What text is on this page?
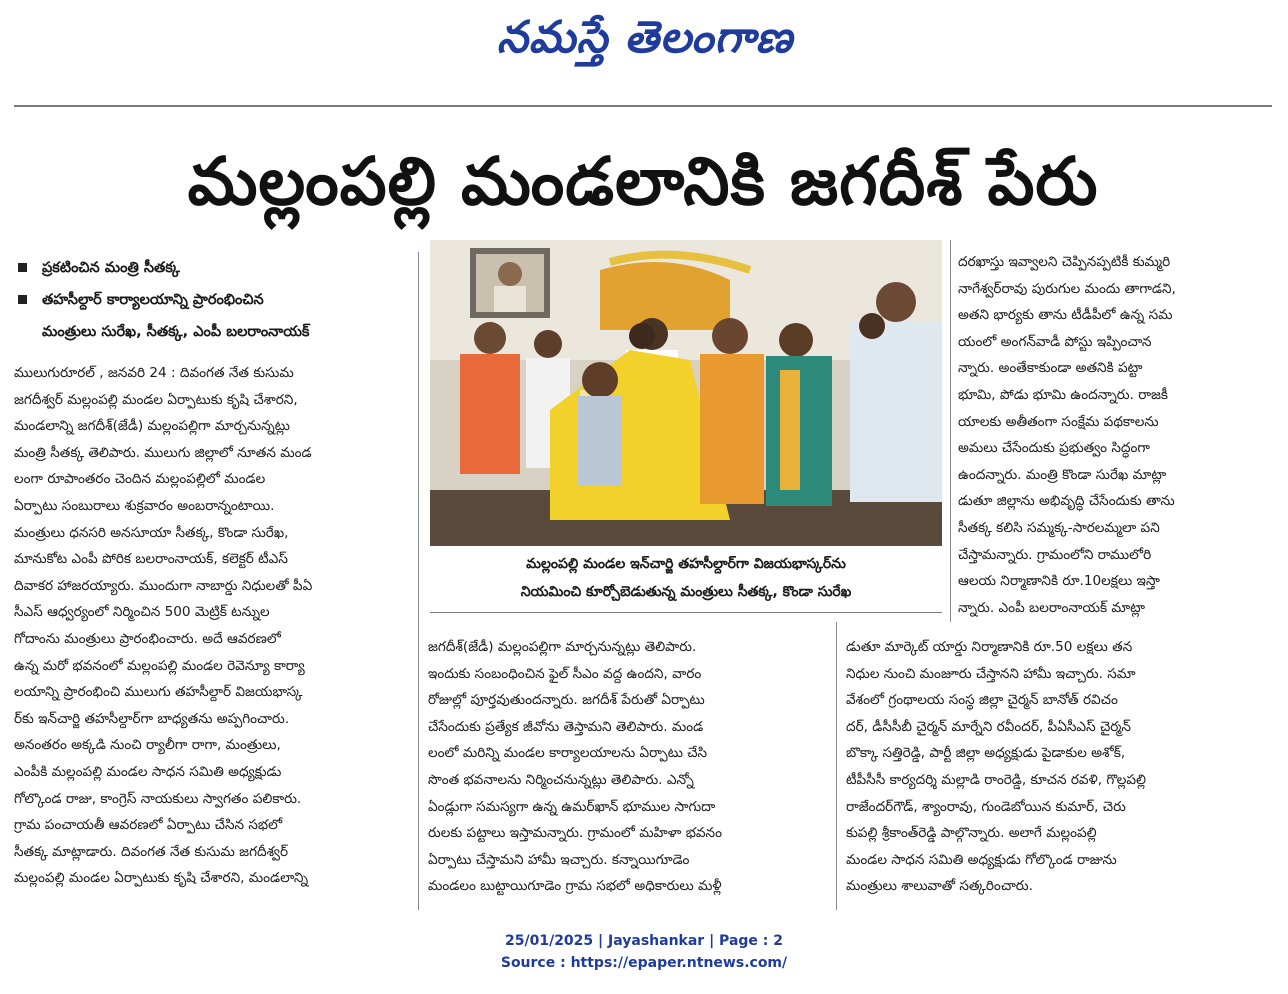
నమస్తే తెలంగాణ
మల్లంపల్లి మండలానికి జగదీశ్ పేరు
ప్రకటించిన మంత్రి సీతక్క
తహసీల్దార్ కార్యాలయాన్ని ప్రారంభించిన
మంత్రులు సురేఖ, సీతక్క, ఎంపీ బలరాంనాయక్

ములుగురూరల్ , జనవరి 24 : దివంగత నేత కుసుమ

జగదీశ్వర్ మల్లంపల్లి మండల ఏర్పాటుకు కృషి చేశారని,

మండలాన్ని జగదీశ్(జేడీ) మల్లంపల్లిగా మార్చనున్నట్లు

మంత్రి సీతక్క తెలిపారు. ములుగు జిల్లాలో నూతన మండ

లంగా రూపాంతరం చెందిన మల్లంపల్లిలో మండల

ఏర్పాటు సంబురాలు శుక్రవారం అంబరాన్నంటాయి.

మంత్రులు ధనసరి అనసూయా సీతక్క, కొండా సురేఖ,

మానుకోట ఎంపీ పోరిక బలరాంనాయక్, కలెక్టర్ టీఎస్

దివాకర హాజరయ్యారు. ముందుగా నాబార్డు నిధులతో పీఏ

సీఎస్ ఆధ్వర్యంలో నిర్మించిన 500 మెట్రిక్ టన్నుల

గోదాంను మంత్రులు ప్రారంభించారు. అదే ఆవరణలో

ఉన్న మరో భవనంలో మల్లంపల్లి మండల రెవెన్యూ కార్యా

లయాన్ని ప్రారంభించి ములుగు తహసీల్దార్ విజయభాస్క

ర్‌కు ఇన్‌చార్జి తహసీల్దార్‌గా బాధ్యతను అప్పగించారు.

అనంతరం అక్కడి నుంచి ర్యాలీగా రాగా, మంత్రులు,

ఎంపీకి మల్లంపల్లి మండల సాధన సమితి అధ్యక్షుడు

గోల్కొండ రాజు, కాంగ్రెస్ నాయకులు స్వాగతం పలికారు.

గ్రామ పంచాయతీ ఆవరణలో ఏర్పాటు చేసిన సభలో

సీతక్క మాట్లాడారు. దివంగత నేత కుసుమ జగదీశ్వర్

మల్లంపల్లి మండల ఏర్పాటుకు కృషి చేశారని, మండలాన్ని

మల్లంపల్లి మండల ఇన్‌చార్జి తహసీల్దార్‌గా విజయభాస్కర్‌ను

నియమించి కూర్చోబెడుతున్న మంత్రులు సీతక్క, కొండా సురేఖ

జగదీశ్(జేడీ) మల్లంపల్లిగా మార్చనున్నట్లు తెలిపారు.

ఇందుకు సంబంధించిన ఫైల్ సీఎం వద్ద ఉందని, వారం

రోజుల్లో పూర్తవుతుందన్నారు. జగదీశ్ పేరుతో ఏర్పాటు

చేసేందుకు ప్రత్యేక జీవోను తెస్తామని తెలిపారు. మండ

లంలో మరిన్ని మండల కార్యాలయాలను ఏర్పాటు చేసి

సొంత భవనాలను నిర్మించనున్నట్లు తెలిపారు. ఎన్నో

ఏండ్లుగా సమస్యగా ఉన్న ఉమర్‌ఖాన్ భూముల సాగుదా

రులకు పట్టాలు ఇస్తామన్నారు. గ్రామంలో మహిళా భవనం

ఏర్పాటు చేస్తామని హామీ ఇచ్చారు. కన్నాయిగూడెం

మండలం బుట్టాయిగూడెం గ్రామ సభలో అధికారులు మళ్లీ

దరఖాస్తు ఇవ్వాలని చెప్పినప్పటికీ కుమ్మరి

నాగేశ్వర్‌రావు పురుగుల మందు తాగాడని,

అతని భార్యకు తాను టీడీపీలో ఉన్న సమ

యంలో అంగన్‌వాడీ పోస్టు ఇప్పించాన

న్నారు. అంతేకాకుండా అతనికి పట్టా

భూమి, పోడు భూమి ఉందన్నారు. రాజకీ

యాలకు అతీతంగా సంక్షేమ పథకాలను

అమలు చేసేందుకు ప్రభుత్వం సిద్ధంగా

ఉందన్నారు. మంత్రి కొండా సురేఖ మాట్లా

డుతూ జిల్లాను అభివృద్ధి చేసేందుకు తాను

సీతక్క కలిసి సమ్మక్క-సారలమ్మలా పని

చేస్తామన్నారు. గ్రామంలోని రాములోరి

ఆలయ నిర్మాణానికి రూ.10లక్షలు ఇస్తా

న్నారు. ఎంపీ బలరాంనాయక్ మాట్లా

డుతూ మార్కెట్ యార్డు నిర్మాణానికి రూ.50 లక్షలు తన

నిధుల నుంచి మంజూరు చేస్తానని హామీ ఇచ్చారు. సమా

వేశంలో గ్రంథాలయ సంస్థ జిల్లా చైర్మన్ బానోత్ రవిచం

దర్, డీసీసీబీ చైర్మన్ మార్నేని రవీందర్, పీఏసీఎస్ చైర్మన్

బొక్కా సత్తిరెడ్డి, పార్టీ జిల్లా అధ్యక్షుడు పైడాకుల అశోక్,

టీపీసీసీ కార్యదర్శి మల్లాడి రాంరెడ్డి, కూచన రవళి, గొల్లపల్లి

రాజేందర్‌గౌడ్, శ్యాంరావు, గుండెబోయిన కుమార్, చెరు

కుపల్లి శ్రీకాంత్‌రెడ్డి పాల్గొన్నారు. అలాగే మల్లంపల్లి

మండల సాధన సమితి అధ్యక్షుడు గోల్కొండ రాజును

మంత్రులు శాలువాతో సత్కరించారు.

25/01/2025 | Jayashankar | Page : 2
Source : https://epaper.ntnews.com/
